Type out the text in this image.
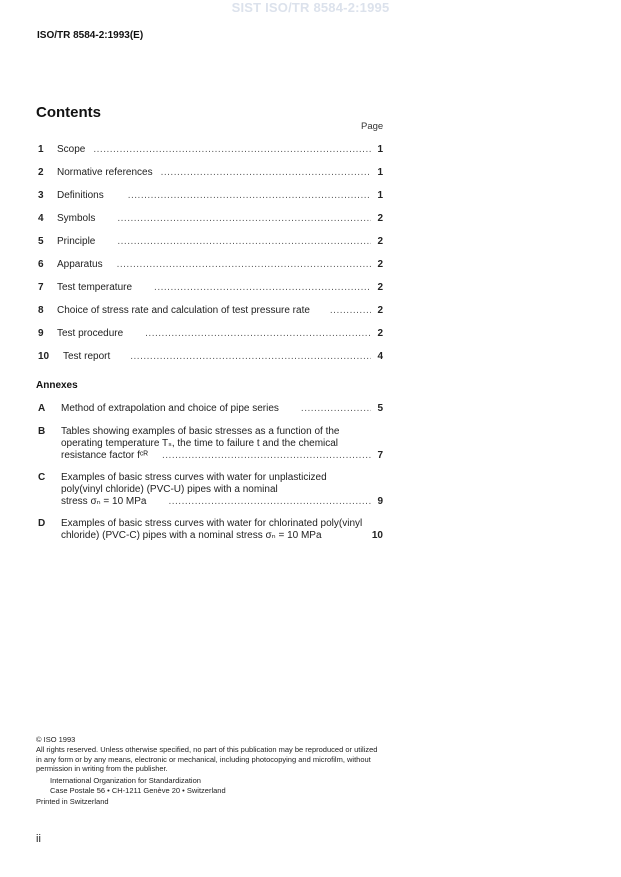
SIST ISO/TR 8584-2:1995
ISO/TR 8584-2:1993(E)
Contents
Page
1 Scope .....	1
2 Normative references .....	1
3 Definitions .....	1
4 Symbols .....	2
5 Principle .....	2
6 Apparatus .....	2
7 Test temperature .....	2
8 Choice of stress rate and calculation of test pressure rate .....	2
9 Test procedure .....	2
10 Test report .....	4
Annexes
A Method of extrapolation and choice of pipe series .....	5
B Tables showing examples of basic stresses as a function of the
operating temperature Tₛ, the time to failure t and the chemical
resistance factor fᶜᴿ .....	7
C Examples of basic stress curves with water for unplasticized
poly(vinyl chloride) (PVC-U) pipes with a nominal
stress σₙ = 10 MPa .....	9
D Examples of basic stress curves with water for chlorinated poly(vinyl
chloride) (PVC-C) pipes with a nominal stress σₙ = 10 MPa	10
© ISO 1993
All rights reserved. Unless otherwise specified, no part of this publication may be reproduced or utilized in any form or by any means, electronic or mechanical, including photocopying and microfilm, without permission in writing from the publisher.
International Organization for Standardization
Case Postale 56 • CH-1211 Genève 20 • Switzerland
Printed in Switzerland
ii
